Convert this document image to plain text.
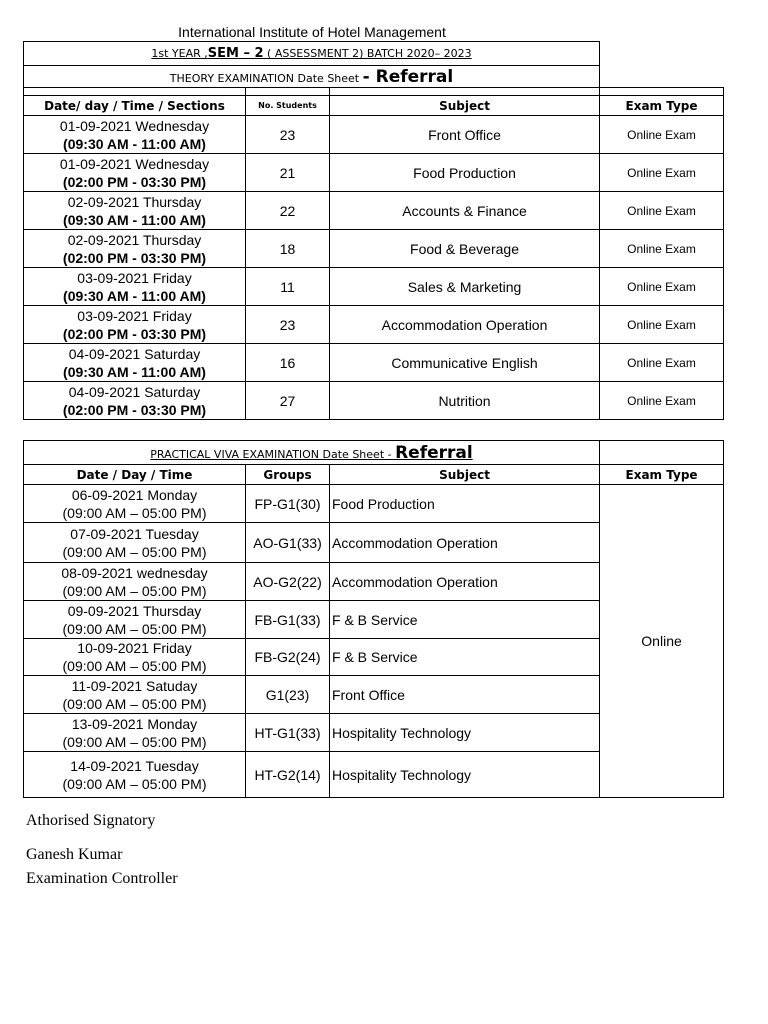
International Institute of Hotel Management
1st YEAR ,SEM – 2 ( ASSESSMENT 2) BATCH 2020– 2023			
THEORY EXAMINATION Date Sheet - Referral			

Date/ day / Time / Sections	No. Students	Subject	Exam Type

01-09-2021 Wednesday
(09:30 AM - 11:00 AM)	23	Front Office	Online Exam

01-09-2021 Wednesday
(02:00 PM - 03:30 PM)	21	Food Production	Online Exam

02-09-2021 Thursday
(09:30 AM - 11:00 AM)	22	Accounts & Finance	Online Exam

02-09-2021 Thursday
(02:00 PM - 03:30 PM)	18	Food & Beverage	Online Exam

03-09-2021 Friday
(09:30 AM - 11:00 AM)	11	Sales & Marketing	Online Exam

03-09-2021 Friday
(02:00 PM - 03:30 PM)	23	Accommodation Operation	Online Exam

04-09-2021 Saturday
(09:30 AM - 11:00 AM)	16	Communicative English	Online Exam

04-09-2021 Saturday
(02:00 PM - 03:30 PM)	27	Nutrition	Online Exam
PRACTICAL VIVA EXAMINATION Date Sheet - Referral			
Date / Day / Time	Groups	Subject	Exam Type

06-09-2021 Monday
(09:00 AM – 05:00 PM)	FP-G1(30)	Food Production	Online

07-09-2021 Tuesday
(09:00 AM – 05:00 PM)	AO-G1(33)	Accommodation Operation	

08-09-2021 wednesday
(09:00 AM – 05:00 PM)	AO-G2(22)	Accommodation Operation	

09-09-2021 Thursday
(09:00 AM – 05:00 PM)	FB-G1(33)	F & B Service	

10-09-2021 Friday
(09:00 AM – 05:00 PM)	FB-G2(24)	F & B Service	

11-09-2021 Satuday
(09:00 AM – 05:00 PM)	G1(23)	Front Office	

13-09-2021 Monday
(09:00 AM – 05:00 PM)	HT-G1(33)	Hospitality Technology	

14-09-2021 Tuesday
(09:00 AM – 05:00 PM)	HT-G2(14)	Hospitality Technology	
Athorised Signatory
Ganesh Kumar
Examination Controller
